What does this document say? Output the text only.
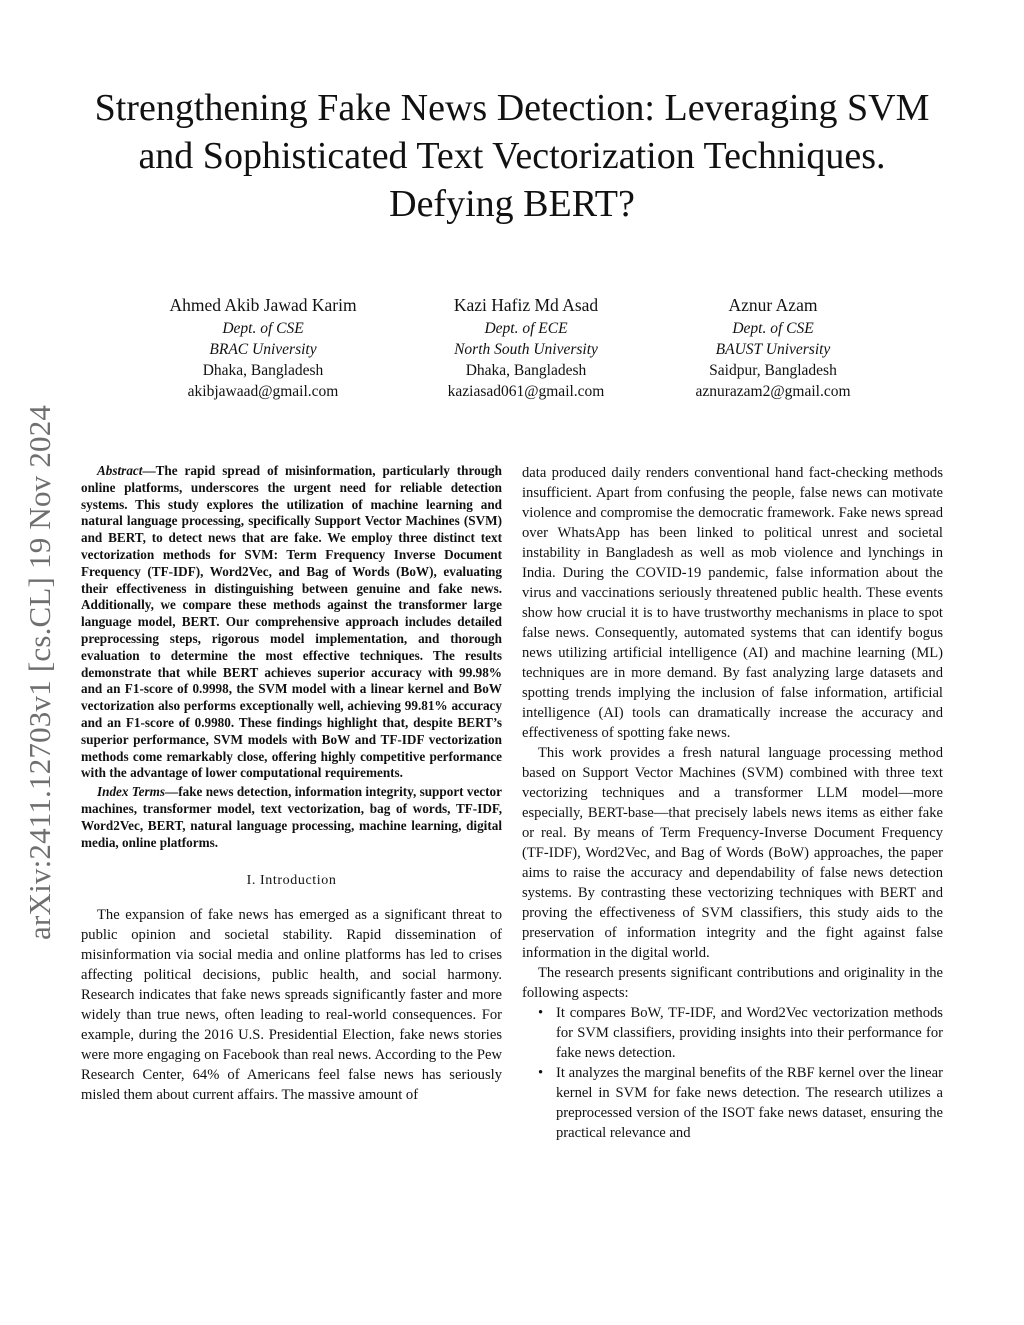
arXiv:2411.12703v1 [cs.CL] 19 Nov 2024
Strengthening Fake News Detection: Leveraging SVM and Sophisticated Text Vectorization Techniques. Defying BERT?
Ahmed Akib Jawad Karim
Dept. of CSE
BRAC University
Dhaka, Bangladesh
akibjawaad@gmail.com
Kazi Hafiz Md Asad
Dept. of ECE
North South University
Dhaka, Bangladesh
kaziasad061@gmail.com
Aznur Azam
Dept. of CSE
BAUST University
Saidpur, Bangladesh
aznurazam2@gmail.com

Abstract—The rapid spread of misinformation, particularly through online platforms, underscores the urgent need for reliable detection systems. This study explores the utilization of machine learning and natural language processing, specifically Support Vector Machines (SVM) and BERT, to detect news that are fake. We employ three distinct text vectorization methods for SVM: Term Frequency Inverse Document Frequency (TF-IDF), Word2Vec, and Bag of Words (BoW), evaluating their effectiveness in distinguishing between genuine and fake news. Additionally, we compare these methods against the transformer large language model, BERT. Our comprehensive approach includes detailed preprocessing steps, rigorous model implementation, and thorough evaluation to determine the most effective techniques. The results demonstrate that while BERT achieves superior accuracy with 99.98% and an F1-score of 0.9998, the SVM model with a linear kernel and BoW vectorization also performs exceptionally well, achieving 99.81% accuracy and an F1-score of 0.9980. These findings highlight that, despite BERT’s superior performance, SVM models with BoW and TF-IDF vectorization methods come remarkably close, offering highly competitive performance with the advantage of lower computational requirements.

Index Terms—fake news detection, information integrity, support vector machines, transformer model, text vectorization, bag of words, TF-IDF, Word2Vec, BERT, natural language processing, machine learning, digital media, online platforms.

I. Introduction

The expansion of fake news has emerged as a significant threat to public opinion and societal stability. Rapid dissemination of misinformation via social media and online platforms has led to crises affecting political decisions, public health, and social harmony. Research indicates that fake news spreads significantly faster and more widely than true news, often leading to real-world consequences. For example, during the 2016 U.S. Presidential Election, fake news stories were more engaging on Facebook than real news. According to the Pew Research Center, 64% of Americans feel false news has seriously misled them about current affairs. The massive amount of

data produced daily renders conventional hand fact-checking methods insufficient. Apart from confusing the people, false news can motivate violence and compromise the democratic framework. Fake news spread over WhatsApp has been linked to political unrest and societal instability in Bangladesh as well as mob violence and lynchings in India. During the COVID-19 pandemic, false information about the virus and vaccinations seriously threatened public health. These events show how crucial it is to have trustworthy mechanisms in place to spot false news. Consequently, automated systems that can identify bogus news utilizing artificial intelligence (AI) and machine learning (ML) techniques are in more demand. By fast analyzing large datasets and spotting trends implying the inclusion of false information, artificial intelligence (AI) tools can dramatically increase the accuracy and effectiveness of spotting fake news.

This work provides a fresh natural language processing method based on Support Vector Machines (SVM) combined with three text vectorizing techniques and a transformer LLM model—more especially, BERT-base—that precisely labels news items as either fake or real. By means of Term Frequency-Inverse Document Frequency (TF-IDF), Word2Vec, and Bag of Words (BoW) approaches, the paper aims to raise the accuracy and dependability of false news detection systems. By contrasting these vectorizing techniques with BERT and proving the effectiveness of SVM classifiers, this study aids to the preservation of information integrity and the fight against false information in the digital world.

The research presents significant contributions and originality in the following aspects:

• It compares BoW, TF-IDF, and Word2Vec vectorization methods for SVM classifiers, providing insights into their performance for fake news detection.
• It analyzes the marginal benefits of the RBF kernel over the linear kernel in SVM for fake news detection. The research utilizes a preprocessed version of the ISOT fake news dataset, ensuring the practical relevance and
